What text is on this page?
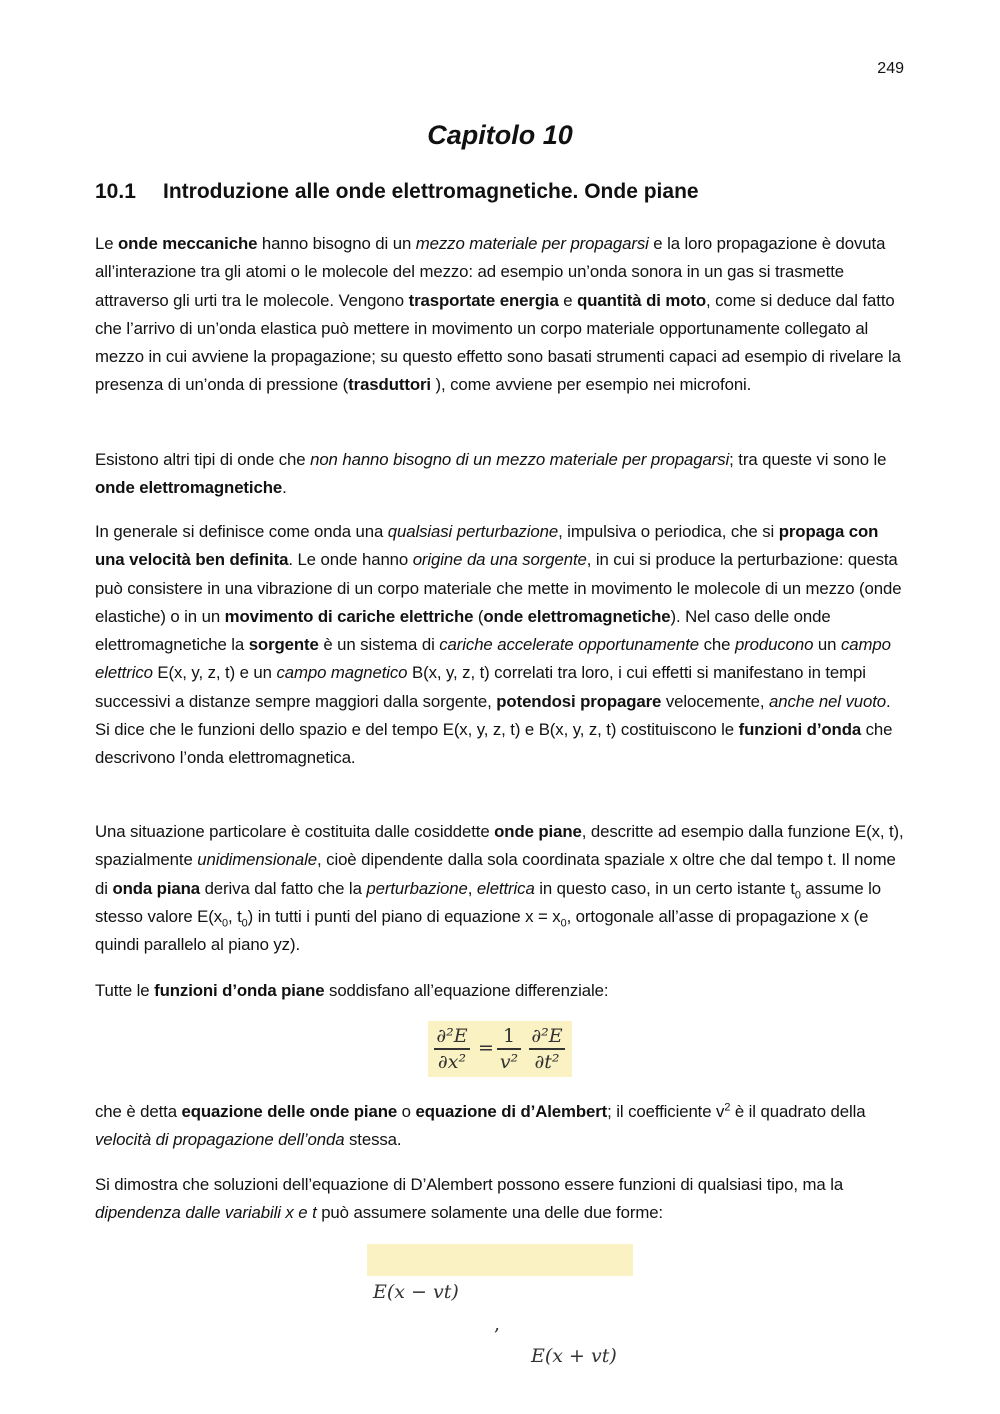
249
Capitolo 10
10.1 Introduzione alle onde elettromagnetiche. Onde piane

Le onde meccaniche hanno bisogno di un mezzo materiale per propagarsi e la loro propagazione è dovuta all’interazione tra gli atomi o le molecole del mezzo: ad esempio un’onda sonora in un gas si trasmette attraverso gli urti tra le molecole. Vengono trasportate energia e quantità di moto, come si deduce dal fatto che l’arrivo di un’onda elastica può mettere in movimento un corpo materiale opportunamente collegato al mezzo in cui avviene la propagazione; su questo effetto sono basati strumenti capaci ad esempio di rivelare la presenza di un’onda di pressione (trasduttori ), come avviene per esempio nei microfoni.

Esistono altri tipi di onde che non hanno bisogno di un mezzo materiale per propagarsi; tra queste vi sono le onde elettromagnetiche.

In generale si definisce come onda una qualsiasi perturbazione, impulsiva o periodica, che si propaga con una velocità ben definita. Le onde hanno origine da una sorgente, in cui si produce la perturbazione: questa può consistere in una vibrazione di un corpo materiale che mette in movimento le molecole di un mezzo (onde elastiche) o in un movimento di cariche elettriche (onde elettromagnetiche). Nel caso delle onde elettromagnetiche la sorgente è un sistema di cariche accelerate opportunamente che producono un campo elettrico E(x, y, z, t) e un campo magnetico B(x, y, z, t) correlati tra loro, i cui effetti si manifestano in tempi successivi a distanze sempre maggiori dalla sorgente, potendosi propagare velocemente, anche nel vuoto. Si dice che le funzioni dello spazio e del tempo E(x, y, z, t) e B(x, y, z, t) costituiscono le funzioni d’onda che descrivono l’onda elettromagnetica.

Una situazione particolare è costituita dalle cosiddette onde piane, descritte ad esempio dalla funzione E(x, t), spazialmente unidimensionale, cioè dipendente dalla sola coordinata spaziale x oltre che dal tempo t. Il nome di onda piana deriva dal fatto che la perturbazione, elettrica in questo caso, in un certo istante $t_0$ assume lo stesso valore $E(x_0$, $t_0$) in tutti i punti del piano di equazione $x = x_0$, ortogonale all’asse di propagazione x (e quindi parallelo al piano yz).

Tutte le funzioni d’onda piane soddisfano all’equazione differenziale:

∂²E
∂x²
=
1
v²
∂²E
∂t²

che è detta equazione delle onde piane o equazione di d’Alembert; il coefficiente $v^2$ è il quadrato della velocità di propagazione dell’onda stessa.

Si dimostra che soluzioni dell’equazione di D’Alembert possono essere funzioni di qualsiasi tipo, ma la dipendenza dalle variabili x e t può assumere solamente una delle due forme:

E(x − vt)

,

E(x + vt)
